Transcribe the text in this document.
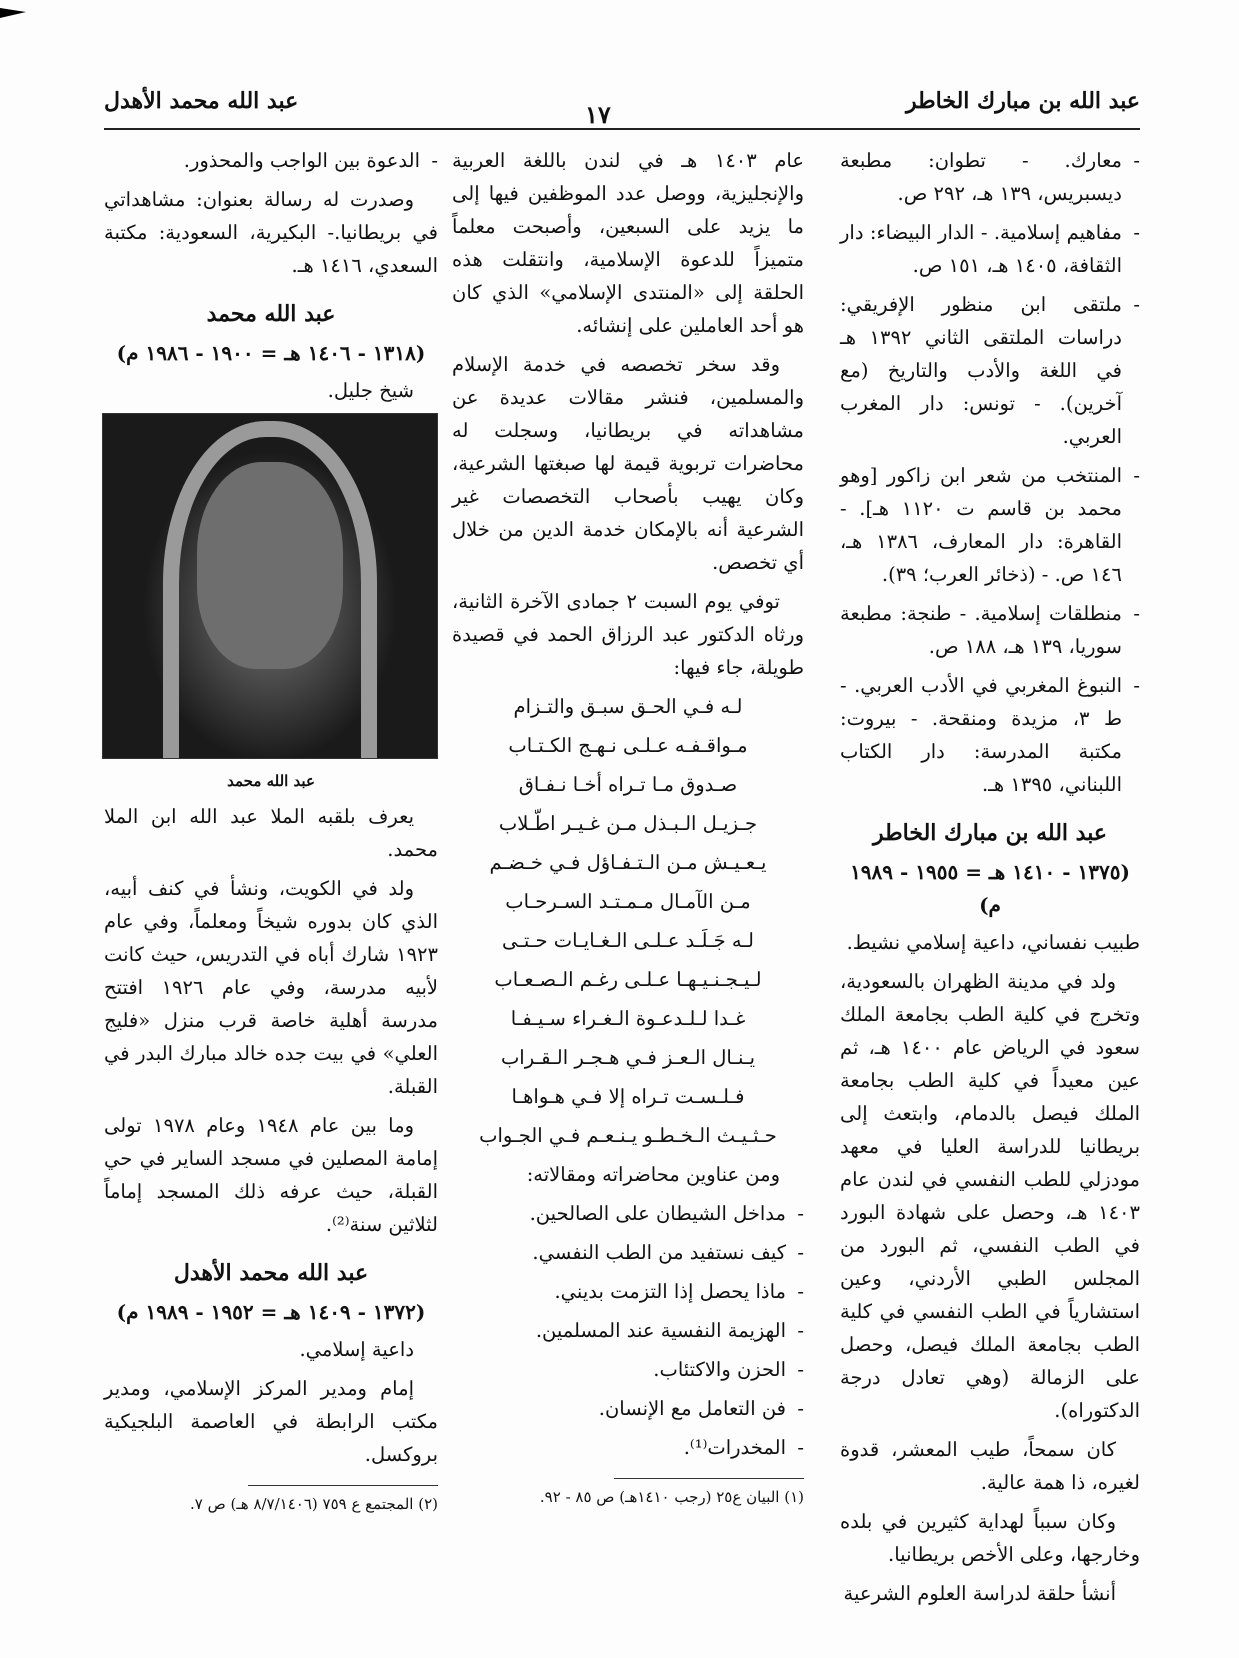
عبد الله بن مبارك الخاطر
١٧
عبد الله محمد الأهدل

- معارك. - تطوان: مطبعة ديسبريس، ١٣٩ هـ، ٢٩٢ ص.

- مفاهيم إسلامية. - الدار البيضاء: دار الثقافة، ١٤٠٥ هـ، ١٥١ ص.

- ملتقى ابن منظور الإفريقي: دراسات الملتقى الثاني ١٣٩٢ هـ في اللغة والأدب والتاريخ (مع آخرين). - تونس: دار المغرب العربي.

- المنتخب من شعر ابن زاكور [وهو محمد بن قاسم ت ١١٢٠ هـ]. - القاهرة: دار المعارف، ١٣٨٦ هـ، ١٤٦ ص. - (ذخائر العرب؛ ٣٩).

- منطلقات إسلامية. - طنجة: مطبعة سوريا، ١٣٩ هـ، ١٨٨ ص.

- النبوغ المغربي في الأدب العربي. - ط ٣، مزيدة ومنقحة. - بيروت: مكتبة المدرسة: دار الكتاب اللبناني، ١٣٩٥ هـ.

عبد الله بن مبارك الخاطر
(١٣٧٥ - ١٤١٠ هـ = ١٩٥٥ - ١٩٨٩ م)

طبيب نفساني، داعية إسلامي نشيط.

ولد في مدينة الظهران بالسعودية، وتخرج في كلية الطب بجامعة الملك سعود في الرياض عام ١٤٠٠ هـ، ثم عين معيداً في كلية الطب بجامعة الملك فيصل بالدمام، وابتعث إلى بريطانيا للدراسة العليا في معهد مودزلي للطب النفسي في لندن عام ١٤٠٣ هـ، وحصل على شهادة البورد في الطب النفسي، ثم البورد من المجلس الطبي الأردني، وعين استشارياً في الطب النفسي في كلية الطب بجامعة الملك فيصل، وحصل على الزمالة (وهي تعادل درجة الدكتوراه).

كان سمحاً، طيب المعشر، قدوة لغيره، ذا همة عالية.

وكان سبباً لهداية كثيرين في بلده وخارجها، وعلى الأخص بريطانيا.

أنشأ حلقة لدراسة العلوم الشرعية

عام ١٤٠٣ هـ في لندن باللغة العربية والإنجليزية، ووصل عدد الموظفين فيها إلى ما يزيد على السبعين، وأصبحت معلماً متميزاً للدعوة الإسلامية، وانتقلت هذه الحلقة إلى «المنتدى الإسلامي» الذي كان هو أحد العاملين على إنشائه.

وقد سخر تخصصه في خدمة الإسلام والمسلمين، فنشر مقالات عديدة عن مشاهداته في بريطانيا، وسجلت له محاضرات تربوية قيمة لها صبغتها الشرعية، وكان يهيب بأصحاب التخصصات غير الشرعية أنه بالإمكان خدمة الدين من خلال أي تخصص.

توفي يوم السبت ٢ جمادى الآخرة الثانية، ورثاه الدكتور عبد الرزاق الحمد في قصيدة طويلة، جاء فيها:

لـه فـي الحـق سبـق والتـزام

مـواقـفـه عـلـى نـهـج الكـتـاب

صـدوق مـا تـراه أخـا نـفـاق

جـزيـل الـبـذل مـن غـيـر اطّـلاب

يـعـيـش مـن الـتـفـاؤل فـي خـضـم

مـن الآمـال مـمـتـد السـرحـاب

لـه جَـلَـد عـلـى الـغـايـات حـتـى

لـيـجـنـيـهـا عـلـى رغـم الـصـعـاب

غـدا لـلـدعـوة الـغـراء سـيـفـا

يـنـال الـعـز فـي هـجـر الـقـراب

فـلـسـت تـراه إلا فـي هـواهـا

حـثـيـث الـخـطـو يـنـعـم فـي الجـواب

ومن عناوين محاضراته ومقالاته:

- مداخل الشيطان على الصالحين.

- كيف نستفيد من الطب النفسي.

- ماذا يحصل إذا التزمت بديني.

- الهزيمة النفسية عند المسلمين.

- الحزن والاكتئاب.

- فن التعامل مع الإنسان.

- المخدرات⁽¹⁾.

(١) البيان ع٢٥ (رجب ١٤١٠هـ) ص ٨٥ - ٩٢.

- الدعوة بين الواجب والمحذور.

وصدرت له رسالة بعنوان: مشاهداتي في بريطانيا.- البكيرية، السعودية: مكتبة السعدي، ١٤١٦ هـ.

عبد الله محمد
(١٣١٨ - ١٤٠٦ هـ = ١٩٠٠ - ١٩٨٦ م)

شيخ جليل.

عبد الله محمد

يعرف بلقبه الملا عبد الله ابن الملا محمد.

ولد في الكويت، ونشأ في كنف أبيه، الذي كان بدوره شيخاً ومعلماً، وفي عام ١٩٢٣ شارك أباه في التدريس، حيث كانت لأبيه مدرسة، وفي عام ١٩٢٦ افتتح مدرسة أهلية خاصة قرب منزل «فليج العلي» في بيت جده خالد مبارك البدر في القبلة.

وما بين عام ١٩٤٨ وعام ١٩٧٨ تولى إمامة المصلين في مسجد الساير في حي القبلة، حيث عرفه ذلك المسجد إماماً لثلاثين سنة⁽²⁾.

عبد الله محمد الأهدل
(١٣٧٢ - ١٤٠٩ هـ = ١٩٥٢ - ١٩٨٩ م)

داعية إسلامي.

إمام ومدير المركز الإسلامي، ومدير مكتب الرابطة في العاصمة البلجيكية بروكسل.

(٢) المجتمع ع ٧٥٩ (٨/٧/١٤٠٦ هـ) ص ٧.
